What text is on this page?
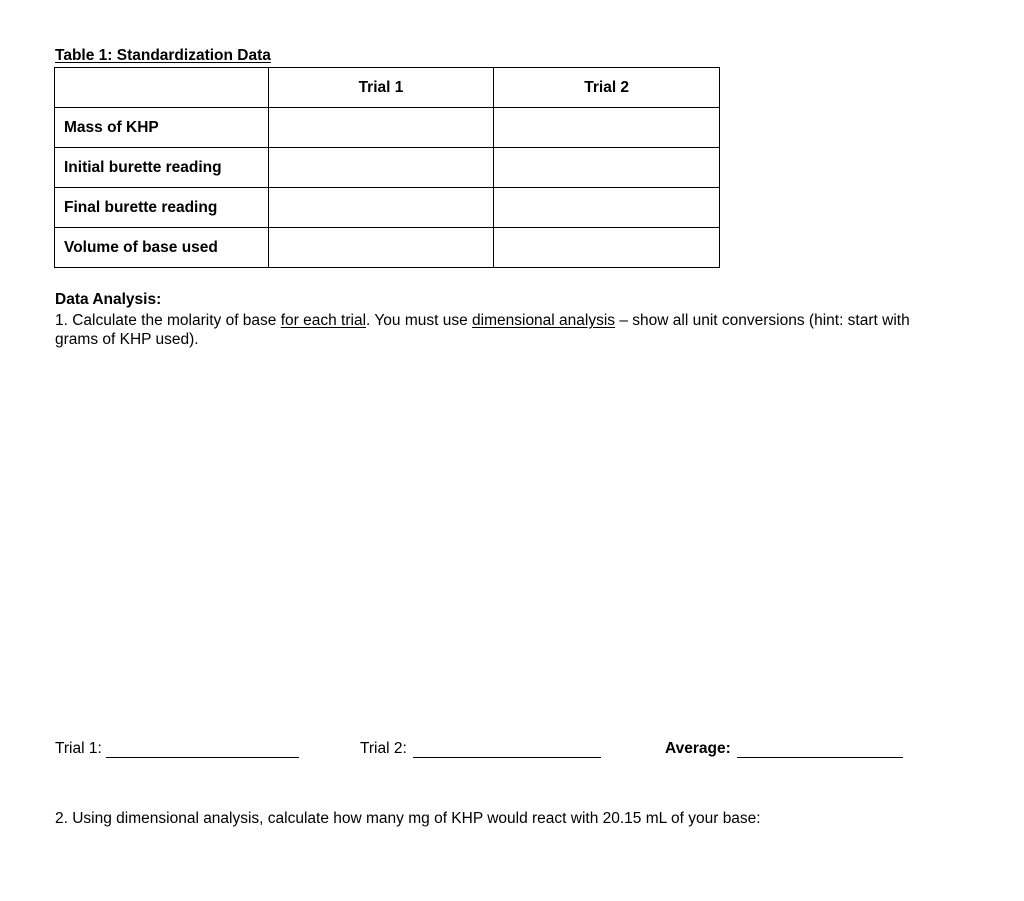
Table 1: Standardization Data
	Trial 1	Trial 2
Mass of KHP		
Initial burette reading		
Final burette reading		
Volume of base used		
Data Analysis:
1. Calculate the molarity of base for each trial. You must use dimensional analysis – show all unit conversions (hint: start with grams of KHP used).
Trial 1:	Trial 2:	Average:
2. Using dimensional analysis, calculate how many mg of KHP would react with 20.15 mL of your base:
